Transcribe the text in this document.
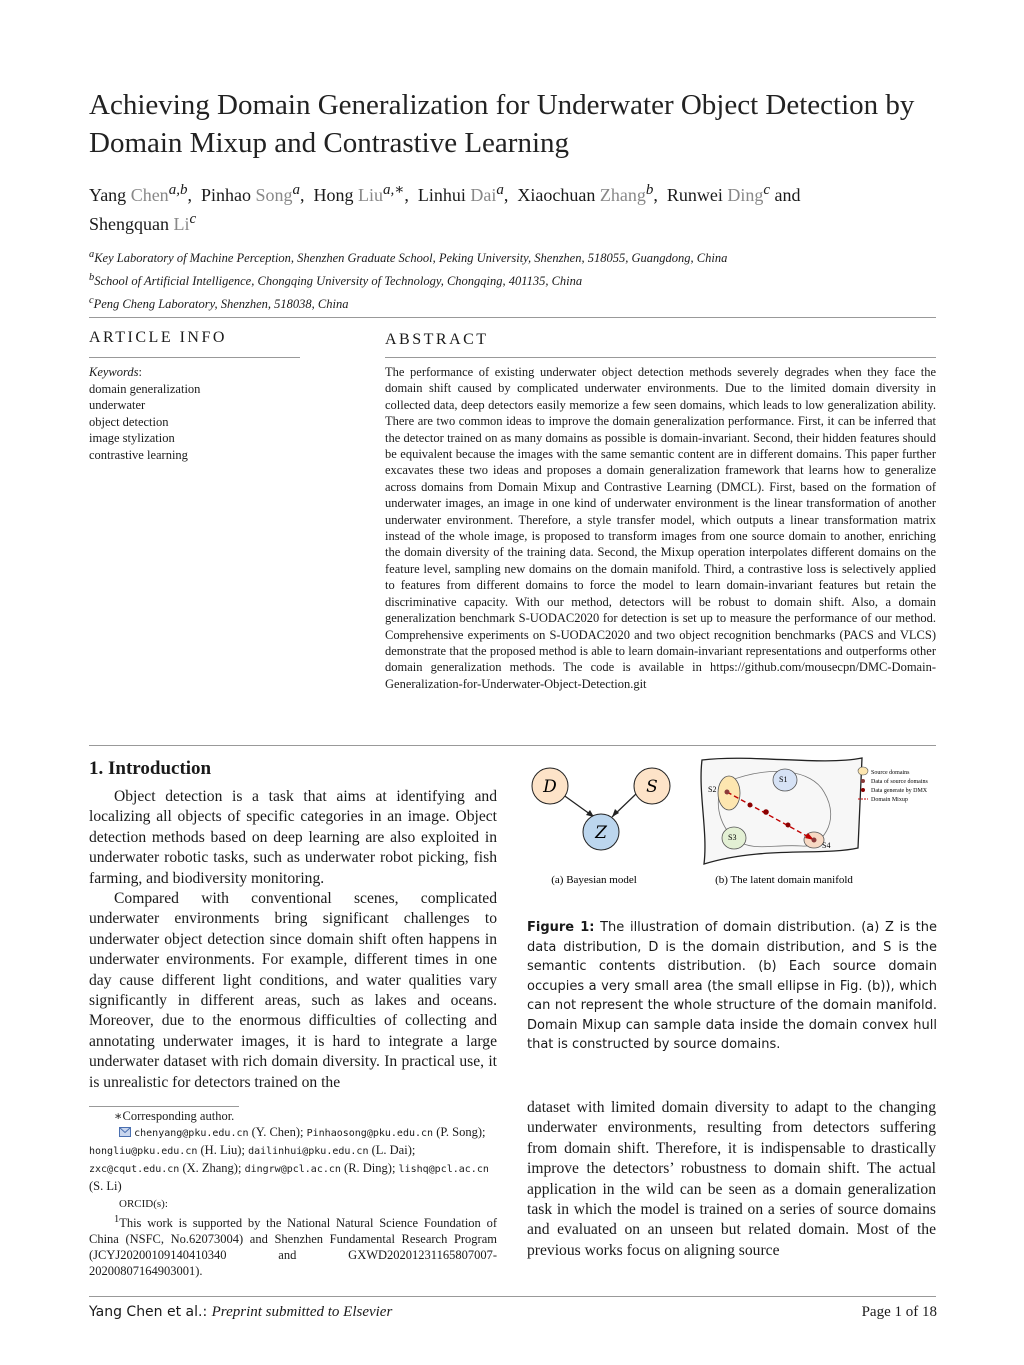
Achieving Domain Generalization for Underwater Object Detection by Domain Mixup and Contrastive Learning
Yang Chen$^{a,b}$,  Pinhao Song$^a$,  Hong Liu$^{a,∗}$,  Linhui Dai$^a$,  Xiaochuan Zhang$^b$,  Runwei Ding$^c$ and
Shengquan Li$^c$
$^a$Key Laboratory of Machine Perception, Shenzhen Graduate School, Peking University, Shenzhen, 518055, Guangdong, China
$^b$School of Artificial Intelligence, Chongqing University of Technology, Chongqing, 401135, China
$^c$Peng Cheng Laboratory, Shenzhen, 518038, China
ARTICLE INFO
Keywords:
domain generalization
underwater
object detection
image stylization
contrastive learning
ABSTRACT

The performance of existing underwater object detection methods severely degrades when they face the domain shift caused by complicated underwater environments. Due to the limited domain diversity in collected data, deep detectors easily memorize a few seen domains, which leads to low generalization ability. There are two common ideas to improve the domain generalization performance. First, it can be inferred that the detector trained on as many domains as possible is domain-invariant. Second, their hidden features should be equivalent because the images with the same semantic content are in different domains. This paper further excavates these two ideas and proposes a domain generalization framework that learns how to generalize across domains from Domain Mixup and Contrastive Learning (DMCL). First, based on the formation of underwater images, an image in one kind of underwater environment is the linear transformation of another underwater environment. Therefore, a style transfer model, which outputs a linear transformation matrix instead of the whole image, is proposed to transform images from one source domain to another, enriching the domain diversity of the training data. Second, the Mixup operation interpolates different domains on the feature level, sampling new domains on the domain manifold. Third, a contrastive loss is selectively applied to features from different domains to force the model to learn domain-invariant features but retain the discriminative capacity. With our method, detectors will be robust to domain shift. Also, a domain generalization benchmark S-UODAC2020 for detection is set up to measure the performance of our method. Comprehensive experiments on S-UODAC2020 and two object recognition benchmarks (PACS and VLCS) demonstrate that the proposed method is able to learn domain-invariant representations and outperforms other domain generalization methods. The code is available in https://github.com/mousecpn/DMC-Domain-Generalization-for-Underwater-Object-Detection.git

1. Introduction

Object detection is a task that aims at identifying and localizing all objects of specific categories in an image. Object detection methods based on deep learning are also exploited in underwater robotic tasks, such as underwater robot picking, fish farming, and biodiversity monitoring.

Compared with conventional scenes, complicated underwater environments bring significant challenges to underwater object detection since domain shift often happens in underwater environments. For example, different times in one day cause different light conditions, and water qualities vary significantly in different areas, such as lakes and oceans. Moreover, due to the enormous difficulties of collecting and annotating underwater images, it is hard to integrate a large underwater dataset with rich domain diversity. In practical use, it is unrealistic for detectors trained on the

∗Corresponding author.

chenyang@pku.edu.cn (Y. Chen); Pinhaosong@pku.edu.cn (P. Song);

hongliu@pku.edu.cn (H. Liu); dailinhui@pku.edu.cn (L. Dai);

zxc@cqut.edu.cn (X. Zhang); dingrw@pcl.ac.cn (R. Ding); lishq@pcl.ac.cn

(S. Li)

ORCID(s):

$^1$This work is supported by the National Natural Science Foundation of China (NSFC, No.62073004) and Shenzhen Fundamental Research Program (JCYJ20200109140410340 and GXWD20201231165807007-20200807164903001).

D	S
Z
(a) Bayesian model
S2
S1
S3
S4
(b) The latent domain manifold
Source domains
Data of source domains
Data generate by DMX
Domain Mixup

Figure 1: The illustration of domain distribution. (a) Z is the data distribution, D is the domain distribution, and S is the semantic contents distribution. (b) Each source domain occupies a very small area (the small ellipse in Fig. (b)), which can not represent the whole structure of the domain manifold. Domain Mixup can sample data inside the domain convex hull that is constructed by source domains.

dataset with limited domain diversity to adapt to the changing underwater environments, resulting from detectors suffering from domain shift. Therefore, it is indispensable to drastically improve the detectors’ robustness to domain shift. The actual application in the wild can be seen as a domain generalization task in which the model is trained on a series of source domains and evaluated on an unseen but related domain. Most of the previous works focus on aligning source

Yang Chen et al.: Preprint submitted to Elsevier	Page 1 of 18
